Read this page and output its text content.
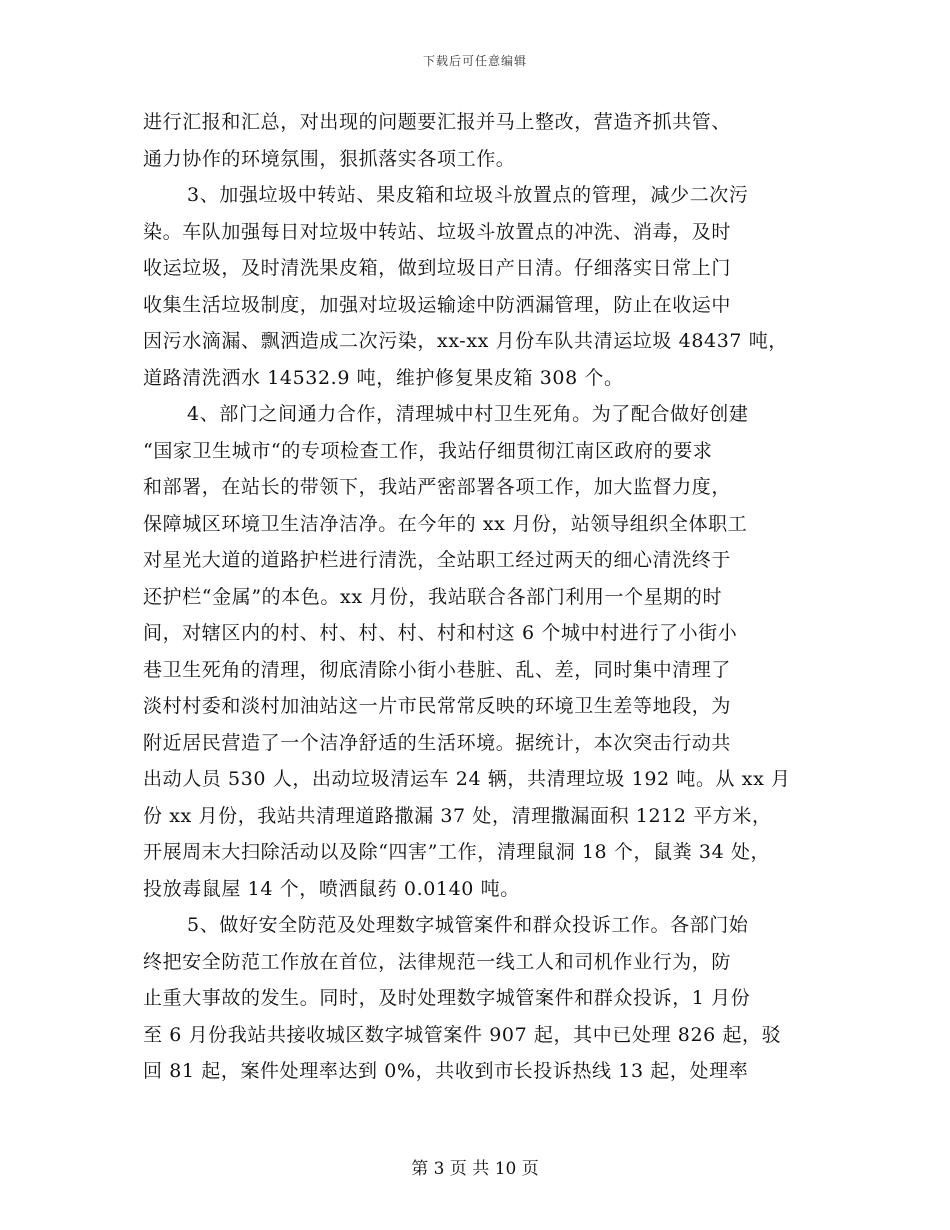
下载后可任意编辑
进行汇报和汇总，对出现的问题要汇报并马上整改，营造齐抓共管、
通力协作的环境氛围，狠抓落实各项工作。
3、加强垃圾中转站、果皮箱和垃圾斗放置点的管理，减少二次污
染。车队加强每日对垃圾中转站、垃圾斗放置点的冲洗、消毒，及时
收运垃圾，及时清洗果皮箱，做到垃圾日产日清。仔细落实日常上门
收集生活垃圾制度，加强对垃圾运输途中防洒漏管理，防止在收运中
因污水滴漏、飘洒造成二次污染，xx-xx 月份车队共清运垃圾 48437 吨，
道路清洗洒水 14532.9 吨，维护修复果皮箱 308 个。
4、部门之间通力合作，清理城中村卫生死角。为了配合做好创建
“国家卫生城市“的专项检查工作，我站仔细贯彻江南区政府的要求
和部署，在站长的带领下，我站严密部署各项工作，加大监督力度，
保障城区环境卫生洁净洁净。在今年的 xx 月份，站领导组织全体职工
对星光大道的道路护栏进行清洗，全站职工经过两天的细心清洗终于
还护栏“金属”的本色。xx 月份，我站联合各部门利用一个星期的时
间，对辖区内的村、村、村、村、村和村这 6 个城中村进行了小街小
巷卫生死角的清理，彻底清除小街小巷脏、乱、差，同时集中清理了
淡村村委和淡村加油站这一片市民常常反映的环境卫生差等地段，为
附近居民营造了一个洁净舒适的生活环境。据统计，本次突击行动共
出动人员 530 人，出动垃圾清运车 24 辆，共清理垃圾 192 吨。从 xx 月
份 xx 月份，我站共清理道路撒漏 37 处，清理撒漏面积 1212 平方米，
开展周末大扫除活动以及除“四害”工作，清理鼠洞 18 个，鼠粪 34 处，
投放毒鼠屋 14 个，喷洒鼠药 0.0140 吨。
5、做好安全防范及处理数字城管案件和群众投诉工作。各部门始
终把安全防范工作放在首位，法律规范一线工人和司机作业行为，防
止重大事故的发生。同时，及时处理数字城管案件和群众投诉，1 月份
至 6 月份我站共接收城区数字城管案件 907 起，其中已处理 826 起，驳
回 81 起，案件处理率达到 0%，共收到市长投诉热线 13 起，处理率
第 3 页 共 10 页
